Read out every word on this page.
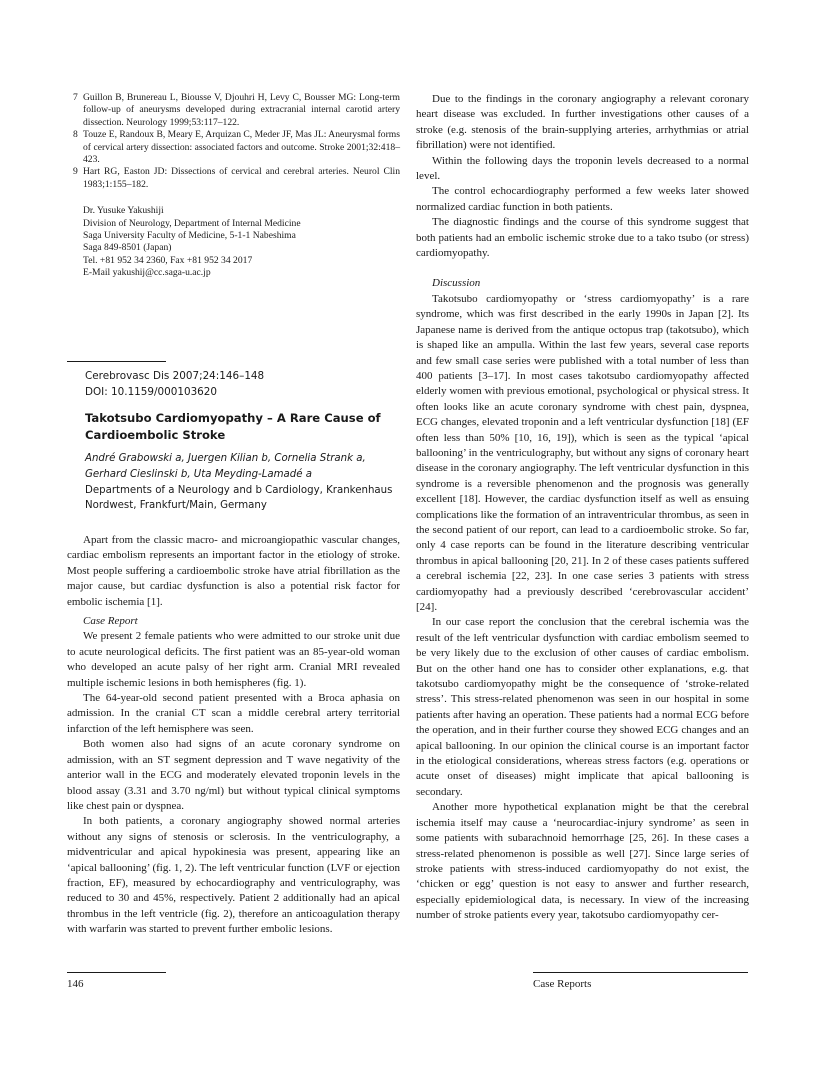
7 Guillon B, Brunereau L, Biousse V, Djouhri H, Levy C, Bousser MG: Long-term follow-up of aneurysms developed during extracranial internal carotid artery dissection. Neurology 1999;53:117–122.
8 Touze E, Randoux B, Meary E, Arquizan C, Meder JF, Mas JL: Aneurysmal forms of cervical artery dissection: associated factors and outcome. Stroke 2001;32:418–423.
9 Hart RG, Easton JD: Dissections of cervical and cerebral arteries. Neurol Clin 1983;1:155–182.
Dr. Yusuke Yakushiji
Division of Neurology, Department of Internal Medicine
Saga University Faculty of Medicine, 5-1-1 Nabeshima
Saga 849-8501 (Japan)
Tel. +81 952 34 2360, Fax +81 952 34 2017
E-Mail yakushij@cc.saga-u.ac.jp
Cerebrovasc Dis 2007;24:146–148
DOI: 10.1159/000103620
Takotsubo Cardiomyopathy – A Rare Cause of Cardioembolic Stroke
André Grabowski a, Juergen Kilian b, Cornelia Strank a,
Gerhard Cieslinski b, Uta Meyding-Lamadé a
Departments of a Neurology and b Cardiology, Krankenhaus
Nordwest, Frankfurt/Main, Germany

Apart from the classic macro- and microangiopathic vascular changes, cardiac embolism represents an important factor in the etiology of stroke. Most people suffering a cardioembolic stroke have atrial fibrillation as the major cause, but cardiac dysfunction is also a potential risk factor for embolic ischemia [1].

Case Report

We present 2 female patients who were admitted to our stroke unit due to acute neurological deficits. The first patient was an 85-year-old woman who developed an acute palsy of her right arm. Cranial MRI revealed multiple ischemic lesions in both hemispheres (fig. 1).

The 64-year-old second patient presented with a Broca aphasia on admission. In the cranial CT scan a middle cerebral artery territorial infarction of the left hemisphere was seen.

Both women also had signs of an acute coronary syndrome on admission, with an ST segment depression and T wave negativity of the anterior wall in the ECG and moderately elevated troponin levels in the blood assay (3.31 and 3.70 ng/ml) but without typical clinical symptoms like chest pain or dyspnea.

In both patients, a coronary angiography showed normal arteries without any signs of stenosis or sclerosis. In the ventriculography, a midventricular and apical hypokinesia was present, appearing like an ‘apical ballooning’ (fig. 1, 2). The left ventricular function (LVF or ejection fraction, EF), measured by echocardiography and ventriculography, was reduced to 30 and 45%, respectively. Patient 2 additionally had an apical thrombus in the left ventricle (fig. 2), therefore an anticoagulation therapy with warfarin was started to prevent further embolic lesions.

Due to the findings in the coronary angiography a relevant coronary heart disease was excluded. In further investigations other causes of a stroke (e.g. stenosis of the brain-supplying arteries, arrhythmias or atrial fibrillation) were not identified.

Within the following days the troponin levels decreased to a normal level.

The control echocardiography performed a few weeks later showed normalized cardiac function in both patients.

The diagnostic findings and the course of this syndrome suggest that both patients had an embolic ischemic stroke due to a tako tsubo (or stress) cardiomyopathy.

Discussion

Takotsubo cardiomyopathy or ‘stress cardiomyopathy’ is a rare syndrome, which was first described in the early 1990s in Japan [2]. Its Japanese name is derived from the antique octopus trap (takotsubo), which is shaped like an ampulla. Within the last few years, several case reports and few small case series were published with a total number of less than 400 patients [3–17]. In most cases takotsubo cardiomyopathy affected elderly women with previous emotional, psychological or physical stress. It often looks like an acute coronary syndrome with chest pain, dyspnea, ECG changes, elevated troponin and a left ventricular dysfunction [18] (EF often less than 50% [10, 16, 19]), which is seen as the typical ‘apical ballooning’ in the ventriculography, but without any signs of coronary heart disease in the coronary angiography. The left ventricular dysfunction in this syndrome is a reversible phenomenon and the prognosis was generally excellent [18]. However, the cardiac dysfunction itself as well as ensuing complications like the formation of an intraventricular thrombus, as seen in the second patient of our report, can lead to a cardioembolic stroke. So far, only 4 case reports can be found in the literature describing ventricular thrombus in apical ballooning [20, 21]. In 2 of these cases patients suffered a cerebral ischemia [22, 23]. In one case series 3 patients with stress cardiomyopathy had a previously described ‘cerebrovascular accident’ [24].

In our case report the conclusion that the cerebral ischemia was the result of the left ventricular dysfunction with cardiac embolism seemed to be very likely due to the exclusion of other causes of cardiac embolism. But on the other hand one has to consider other explanations, e.g. that takotsubo cardiomyopathy might be the consequence of ‘stroke-related stress’. This stress-related phenomenon was seen in our hospital in some patients after having an operation. These patients had a normal ECG before the operation, and in their further course they showed ECG changes and an apical ballooning. In our opinion the clinical course is an important factor in the etiological considerations, whereas stress factors (e.g. operations or acute onset of diseases) might implicate that apical ballooning is secondary.

Another more hypothetical explanation might be that the cerebral ischemia itself may cause a ‘neurocardiac-injury syndrome’ as seen in some patients with subarachnoid hemorrhage [25, 26]. In these cases a stress-related phenomenon is possible as well [27]. Since large series of stroke patients with stress-induced cardiomyopathy do not exist, the ‘chicken or egg’ question is not easy to answer and further research, especially epidemiological data, is necessary. In view of the increasing number of stroke patients every year, takotsubo cardiomyopathy cer-

146	Case Reports
